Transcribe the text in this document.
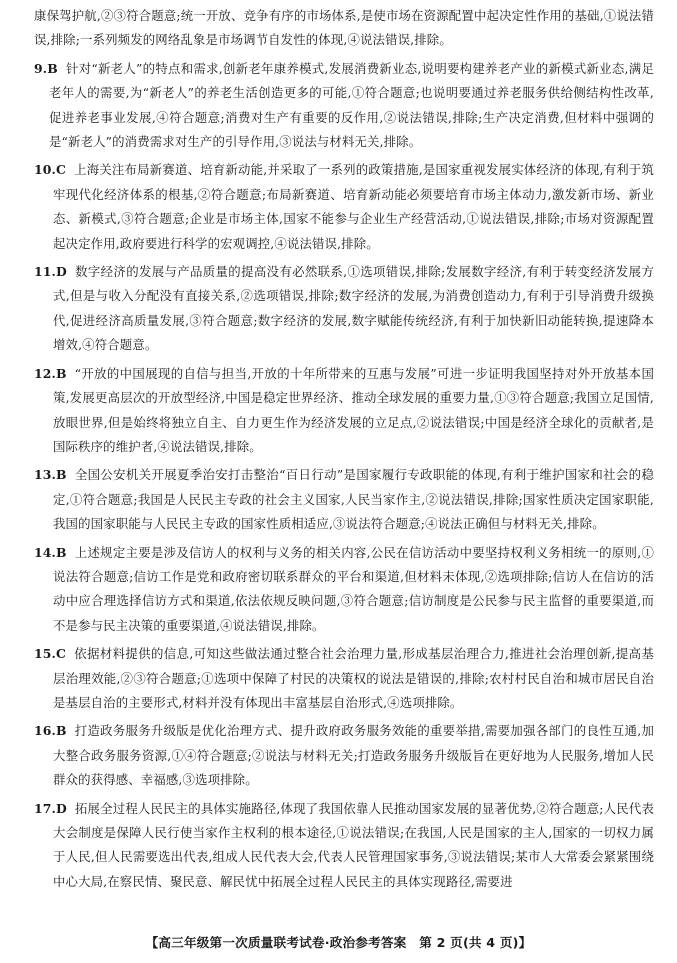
康保驾护航,②③符合题意;统一开放、竞争有序的市场体系,是使市场在资源配置中起决定性作用的基础,①说法错误,排除;一系列频发的网络乱象是市场调节自发性的体现,④说法错误,排除。

9.B 针对“新老人”的特点和需求,创新老年康养模式,发展消费新业态,说明要构建养老产业的新模式新业态,满足老年人的需要,为“新老人”的养老生活创造更多的可能,①符合题意;也说明要通过养老服务供给侧结构性改革,促进养老事业发展,④符合题意;消费对生产有重要的反作用,②说法错误,排除;生产决定消费,但材料中强调的是“新老人”的消费需求对生产的引导作用,③说法与材料无关,排除。

10.C 上海关注布局新赛道、培育新动能,并采取了一系列的政策措施,是国家重视发展实体经济的体现,有利于筑牢现代化经济体系的根基,②符合题意;布局新赛道、培育新动能必须要培育市场主体动力,激发新市场、新业态、新模式,③符合题意;企业是市场主体,国家不能参与企业生产经营活动,①说法错误,排除;市场对资源配置起决定作用,政府要进行科学的宏观调控,④说法错误,排除。

11.D 数字经济的发展与产品质量的提高没有必然联系,①选项错误,排除;发展数字经济,有利于转变经济发展方式,但是与收入分配没有直接关系,②选项错误,排除;数字经济的发展,为消费创造动力,有利于引导消费升级换代,促进经济高质量发展,③符合题意;数字经济的发展,数字赋能传统经济,有利于加快新旧动能转换,提速降本增效,④符合题意。

12.B “开放的中国展现的自信与担当,开放的十年所带来的互惠与发展”可进一步证明我国坚持对外开放基本国策,发展更高层次的开放型经济,中国是稳定世界经济、推动全球发展的重要力量,①③符合题意;我国立足国情,放眼世界,但是始终将独立自主、自力更生作为经济发展的立足点,②说法错误;中国是经济全球化的贡献者,是国际秩序的维护者,④说法错误,排除。

13.B 全国公安机关开展夏季治安打击整治“百日行动”是国家履行专政职能的体现,有利于维护国家和社会的稳定,①符合题意;我国是人民民主专政的社会主义国家,人民当家作主,②说法错误,排除;国家性质决定国家职能,我国的国家职能与人民民主专政的国家性质相适应,③说法符合题意;④说法正确但与材料无关,排除。

14.B 上述规定主要是涉及信访人的权利与义务的相关内容,公民在信访活动中要坚持权利义务相统一的原则,①说法符合题意;信访工作是党和政府密切联系群众的平台和渠道,但材料未体现,②选项排除;信访人在信访的活动中应合理选择信访方式和渠道,依法依规反映问题,③符合题意;信访制度是公民参与民主监督的重要渠道,而不是参与民主决策的重要渠道,④说法错误,排除。

15.C 依据材料提供的信息,可知这些做法通过整合社会治理力量,形成基层治理合力,推进社会治理创新,提高基层治理效能,②③符合题意;①选项中保障了村民的决策权的说法是错误的,排除;农村村民自治和城市居民自治是基层自治的主要形式,材料并没有体现出丰富基层自治形式,④选项排除。

16.B 打造政务服务升级版是优化治理方式、提升政府政务服务效能的重要举措,需要加强各部门的良性互通,加大整合政务服务资源,①④符合题意;②说法与材料无关;打造政务服务升级版旨在更好地为人民服务,增加人民群众的获得感、幸福感,③选项排除。

17.D 拓展全过程人民民主的具体实施路径,体现了我国依靠人民推动国家发展的显著优势,②符合题意;人民代表大会制度是保障人民行使当家作主权利的根本途径,①说法错误;在我国,人民是国家的主人,国家的一切权力属于人民,但人民需要选出代表,组成人民代表大会,代表人民管理国家事务,③说法错误;某市人大常委会紧紧围绕中心大局,在察民情、聚民意、解民忧中拓展全过程人民民主的具体实现路径,需要进

【高三年级第一次质量联考试卷·政治参考答案　第 2 页(共 4 页)】
